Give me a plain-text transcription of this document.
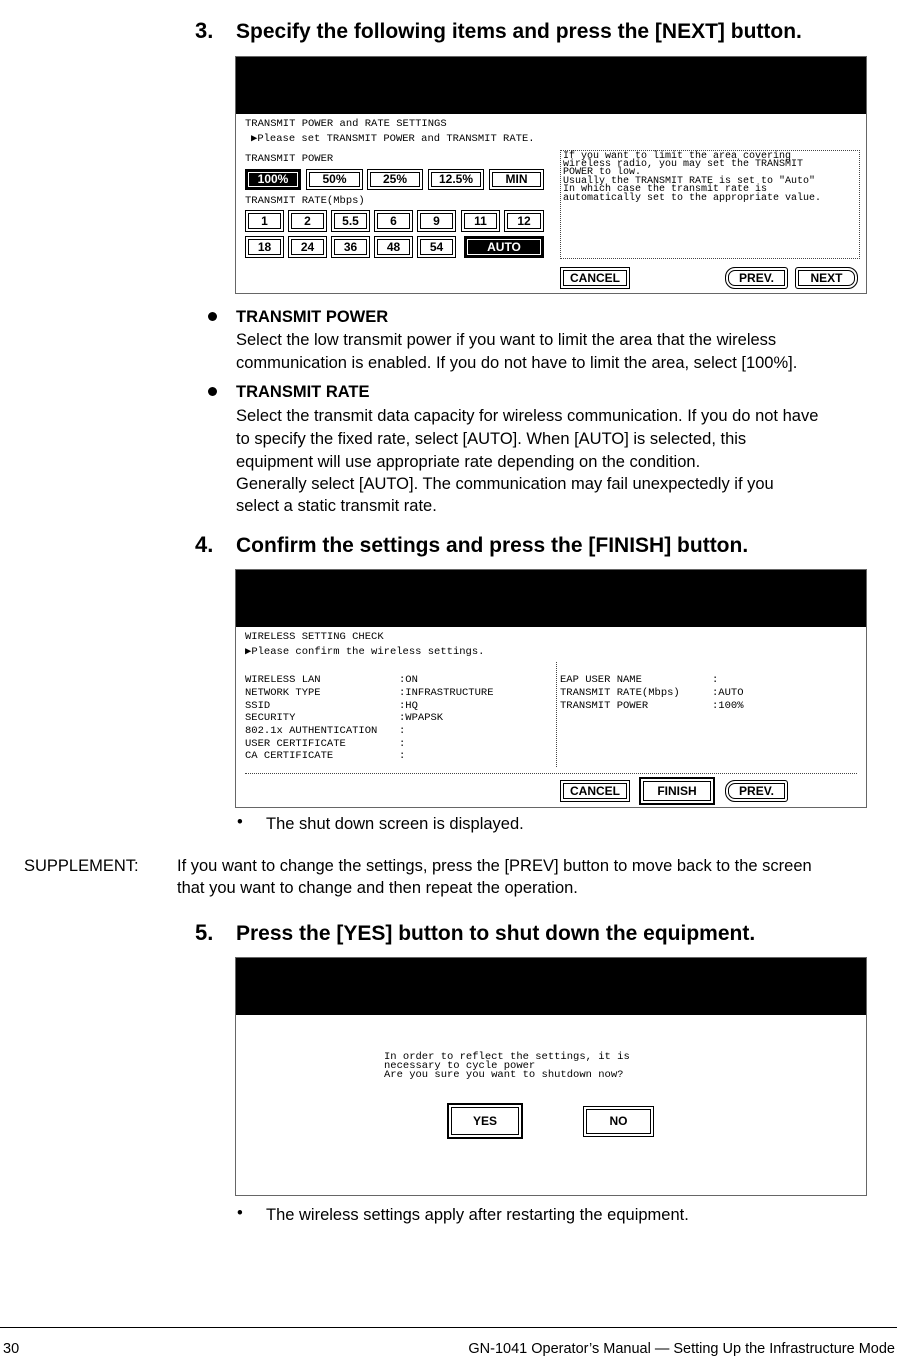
3. Specify the following items and press the [NEXT] button.
TRANSMIT POWER and RATE SETTINGS
▶Please set TRANSMIT POWER and TRANSMIT RATE.
TRANSMIT POWER
100%	50%	25%	12.5%	MIN
TRANSMIT RATE(Mbps)
1	2	5.5	6	9	11	12
18	24	36	48	54	AUTO
If you want to limit the area covering
wireless radio, you may set the TRANSMIT
POWER to low.
Usually the TRANSMIT RATE is set to "Auto"
In which case the transmit rate is
automatically set to the appropriate value.
CANCEL	PREV.	NEXT
TRANSMIT POWER
Select the low transmit power if you want to limit the area that the wireless
communication is enabled. If you do not have to limit the area, select [100%].
TRANSMIT RATE
Select the transmit data capacity for wireless communication. If you do not have
to specify the fixed rate, select [AUTO]. When [AUTO] is selected, this
equipment will use appropriate rate depending on the condition.
Generally select [AUTO]. The communication may fail unexpectedly if you
select a static transmit rate.
4. Confirm the settings and press the [FINISH] button.
WIRELESS SETTING CHECK
▶Please confirm the wireless settings.
WIRELESS LAN	:ON
NETWORK TYPE	:INFRASTRUCTURE
SSID	:HQ
SECURITY	:WPAPSK
802.1x AUTHENTICATION :
USER CERTIFICATE	:
CA CERTIFICATE	:
EAP USER NAME	:
TRANSMIT RATE(Mbps)	:AUTO
TRANSMIT POWER	:100%
CANCEL	FINISH	PREV.
• The shut down screen is displayed.
SUPPLEMENT: If you want to change the settings, press the [PREV] button to move back to the screen
that you want to change and then repeat the operation.
5. Press the [YES] button to shut down the equipment.
In order to reflect the settings, it is
necessary to cycle power
Are you sure you want to shutdown now?
YES	NO
• The wireless settings apply after restarting the equipment.
30	GN-1041 Operator’s Manual — Setting Up the Infrastructure Mode
